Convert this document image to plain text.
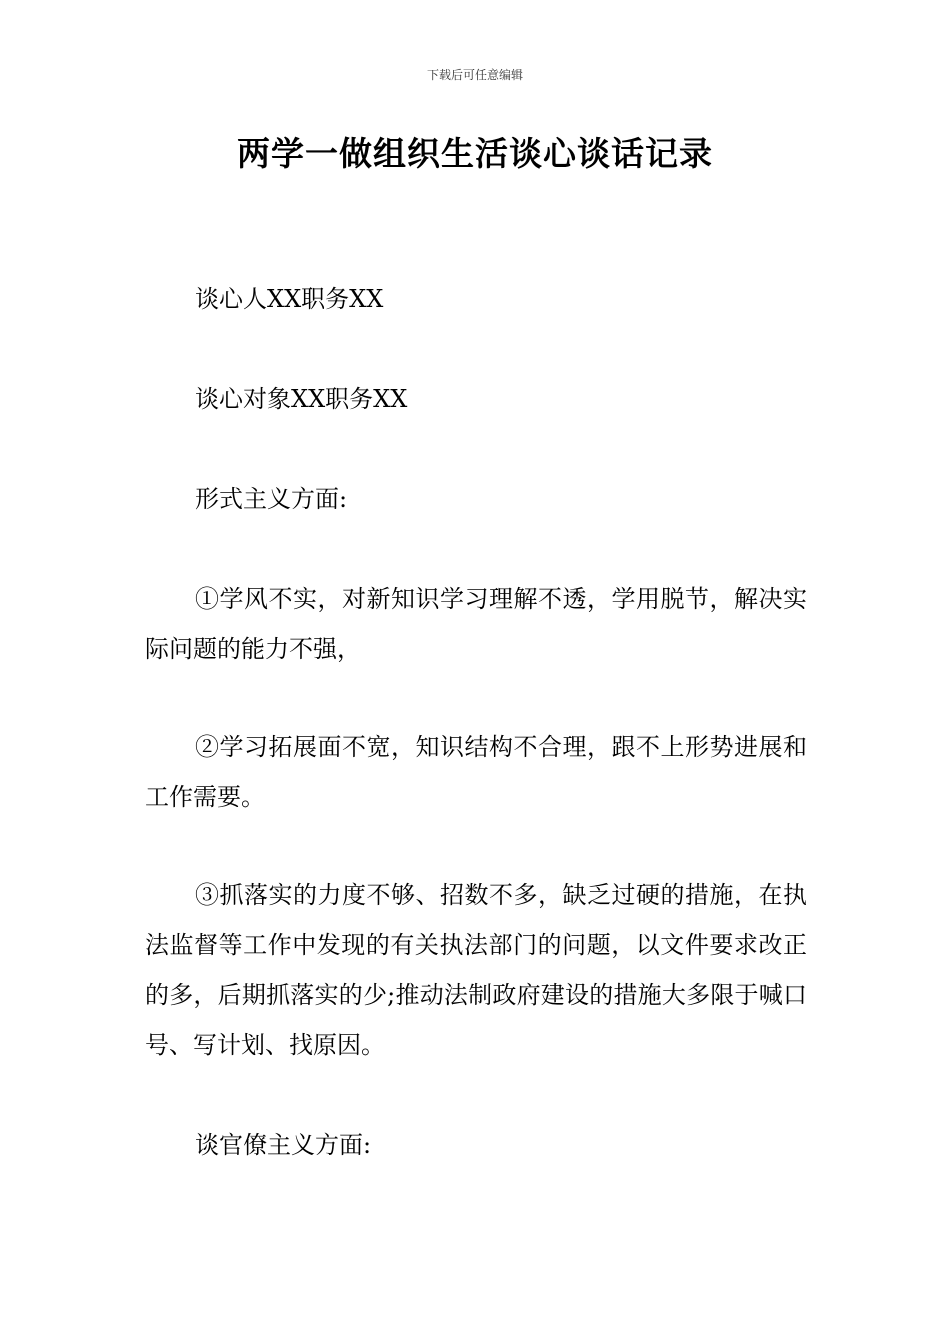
下载后可任意编辑
两学一做组织生活谈心谈话记录

谈心人XX职务XX

谈心对象XX职务XX

形式主义方面:

①学风不实，对新知识学习理解不透，学用脱节，解决实际问题的能力不强，

②学习拓展面不宽，知识结构不合理，跟不上形势进展和工作需要。

③抓落实的力度不够、招数不多，缺乏过硬的措施，在执法监督等工作中发现的有关执法部门的问题，以文件要求改正的多，后期抓落实的少;推动法制政府建设的措施大多限于喊口号、写计划、找原因。

谈官僚主义方面:
